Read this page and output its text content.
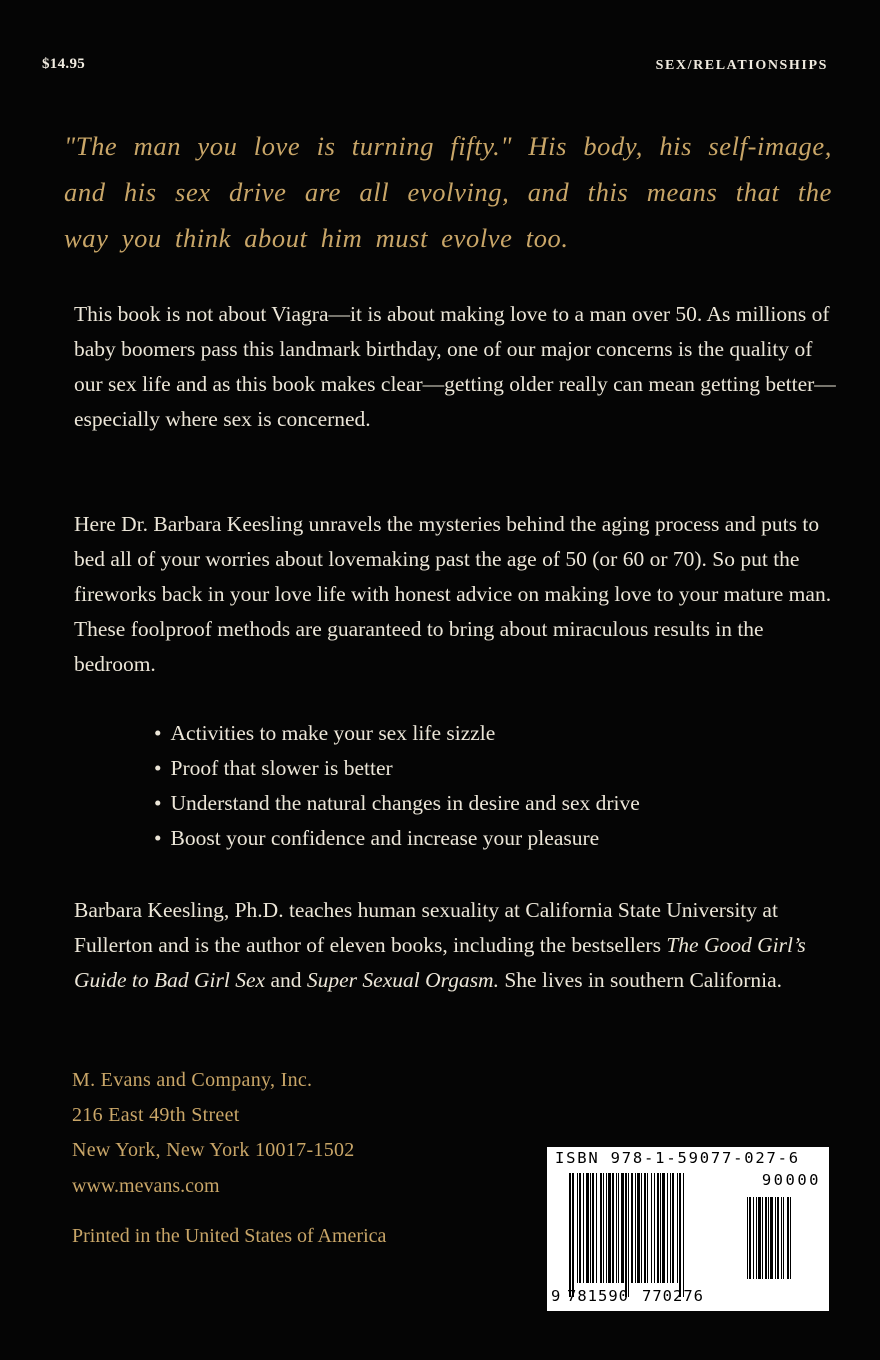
$14.95	SEX/RELATIONSHIPS
"The man you love is turning fifty." His body, his self-image, and his sex drive are all evolving, and this means that the way you think about him must evolve too.
This book is not about Viagra—it is about making love to a man over 50. As millions of baby boomers pass this landmark birthday, one of our major concerns is the quality of our sex life and as this book makes clear—getting older really can mean getting better—especially where sex is concerned.
Here Dr. Barbara Keesling unravels the mysteries behind the aging process and puts to bed all of your worries about lovemaking past the age of 50 (or 60 or 70). So put the fireworks back in your love life with honest advice on making love to your mature man. These foolproof methods are guaranteed to bring about miraculous results in the bedroom.
• Activities to make your sex life sizzle
• Proof that slower is better
• Understand the natural changes in desire and sex drive
• Boost your confidence and increase your pleasure
Barbara Keesling, Ph.D. teaches human sexuality at California State University at Fullerton and is the author of eleven books, including the bestsellers The Good Girl’s Guide to Bad Girl Sex and Super Sexual Orgasm. She lives in southern California.
M. Evans and Company, Inc.
216 East 49th Street
New York, New York 10017-1502
www.mevans.com
Printed in the United States of America
ISBN 978-1-59077-027-6
90000
9 781590 770276
